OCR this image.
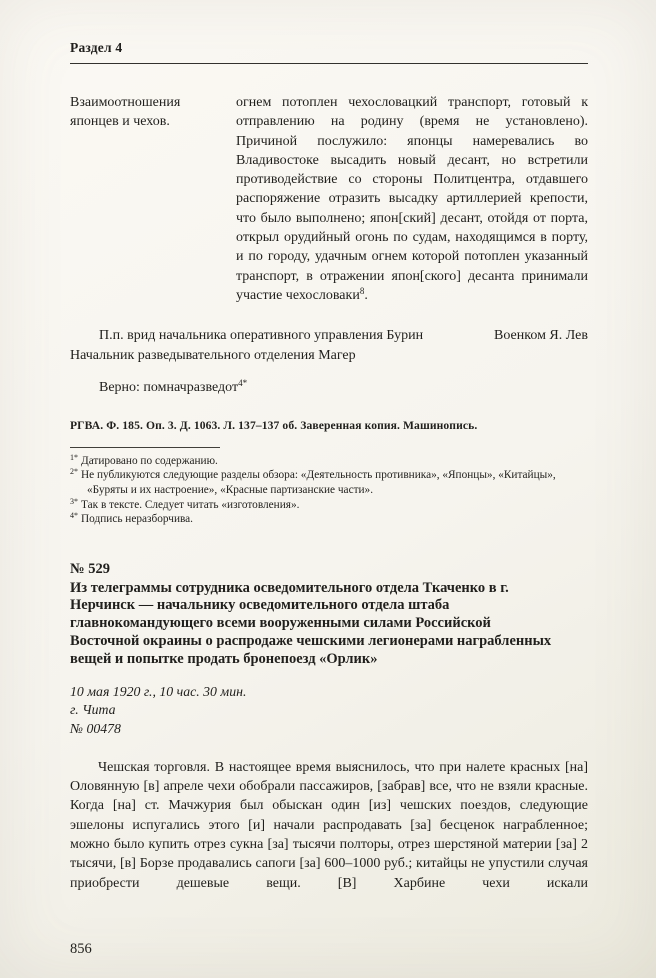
Раздел 4
Взаимоотношения японцев и чехов.
огнем потоплен чехословацкий транспорт, готовый к отправлению на родину (время не установлено). Причиной послужило: японцы намеревались во Владивостоке высадить новый десант, но встретили противодействие со стороны Политцентра, отдавшего распоряжение отразить высадку артиллерией крепости, что было выполнено; япон[ский] десант, отойдя от порта, открыл орудийный огонь по судам, находящимся в порту, и по городу, удачным огнем которой потоплен указанный транспорт, в отражении япон[ского] десанта принимали участие чехословаки$^8$.
П.п. врид начальника оперативного управления Бурин	Военком Я. Лев
Начальник разведывательного отделения Магер
Верно: помначразведот$^{4*}$
РГВА. Ф. 185. Оп. 3. Д. 1063. Л. 137–137 об. Заверенная копия. Машинопись.
$^{1*}$ Датировано по содержанию.
$^{2*}$ Не публикуются следующие разделы обзора: «Деятельность противника», «Японцы», «Китайцы», «Буряты и их настроение», «Красные партизанские части».
$^{3*}$ Так в тексте. Следует читать «изготовления».
$^{4*}$ Подпись неразборчива.
№ 529
Из телеграммы сотрудника осведомительного отдела Ткаченко в г. Нерчинск — начальнику осведомительного отдела штаба главнокомандующего всеми вооруженными силами Российской Восточной окраины о распродаже чешскими легионерами награбленных вещей и попытке продать бронепоезд «Орлик»
10 мая 1920 г., 10 час. 30 мин.
г. Чита
№ 00478

Чешская торговля. В настоящее время выяснилось, что при налете красных [на] Оловянную [в] апреле чехи обобрали пассажиров, [забрав] все, что не взяли красные. Когда [на] ст. Мачжурия был обыскан один [из] чешских поездов, следующие эшелоны испугались этого [и] начали распродавать [за] бесценок награбленное; можно было купить отрез сукна [за] тысячи полторы, отрез шерстяной материи [за] 2 тысячи, [в] Борзе продавались сапоги [за] 600–1000 руб.; китайцы не упустили случая приобрести дешевые вещи. [В] Харбине чехи искали

856
